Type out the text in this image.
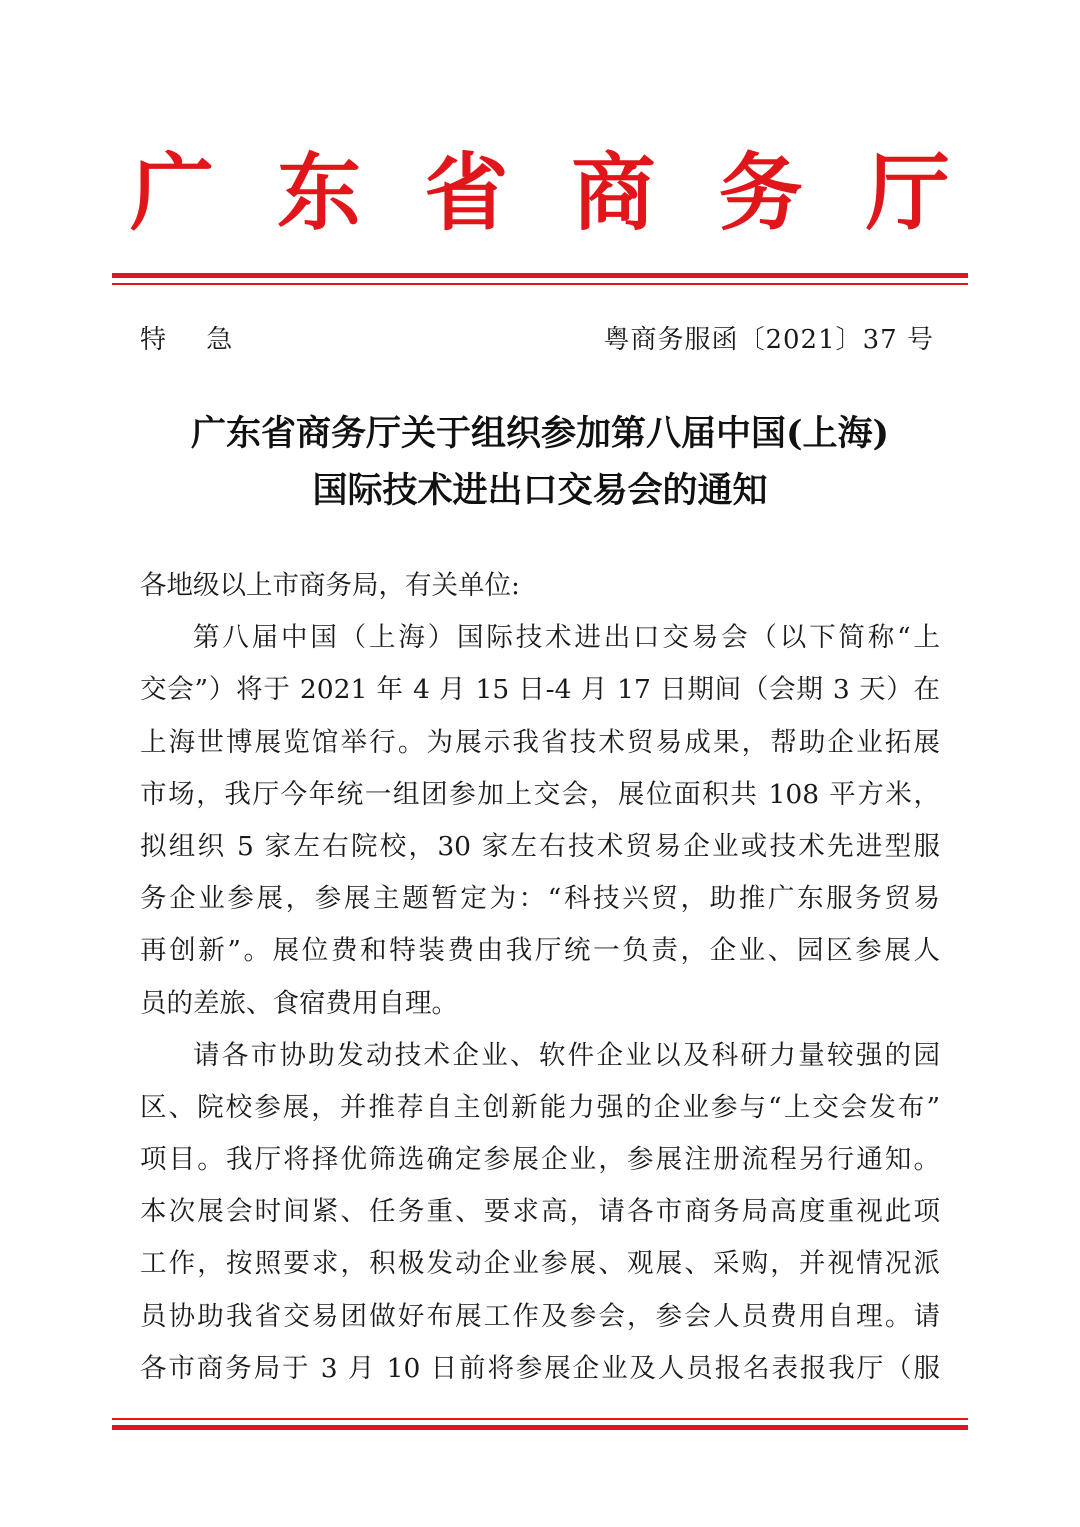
广 东 省 商 务 厅
特 急	粤商务服函〔2021〕37 号
广东省商务厅关于组织参加第八届中国(上海)
国际技术进出口交易会的通知
各地级以上市商务局，有关单位:
第八届中国（上海）国际技术进出口交易会（以下简称“上
交会”）将于 2021 年 4 月 15 日-4 月 17 日期间（会期 3 天）在
上海世博展览馆举行。为展示我省技术贸易成果，帮助企业拓展
市场，我厅今年统一组团参加上交会，展位面积共 108 平方米，
拟组织 5 家左右院校，30 家左右技术贸易企业或技术先进型服
务企业参展，参展主题暂定为：“科技兴贸，助推广东服务贸易
再创新”。展位费和特装费由我厅统一负责，企业、园区参展人
员的差旅、食宿费用自理。
请各市协助发动技术企业、软件企业以及科研力量较强的园
区、院校参展，并推荐自主创新能力强的企业参与“上交会发布”
项目。我厅将择优筛选确定参展企业，参展注册流程另行通知。
本次展会时间紧、任务重、要求高，请各市商务局高度重视此项
工作，按照要求，积极发动企业参展、观展、采购，并视情况派
员协助我省交易团做好布展工作及参会，参会人员费用自理。请
各市商务局于 3 月 10 日前将参展企业及人员报名表报我厅（服
